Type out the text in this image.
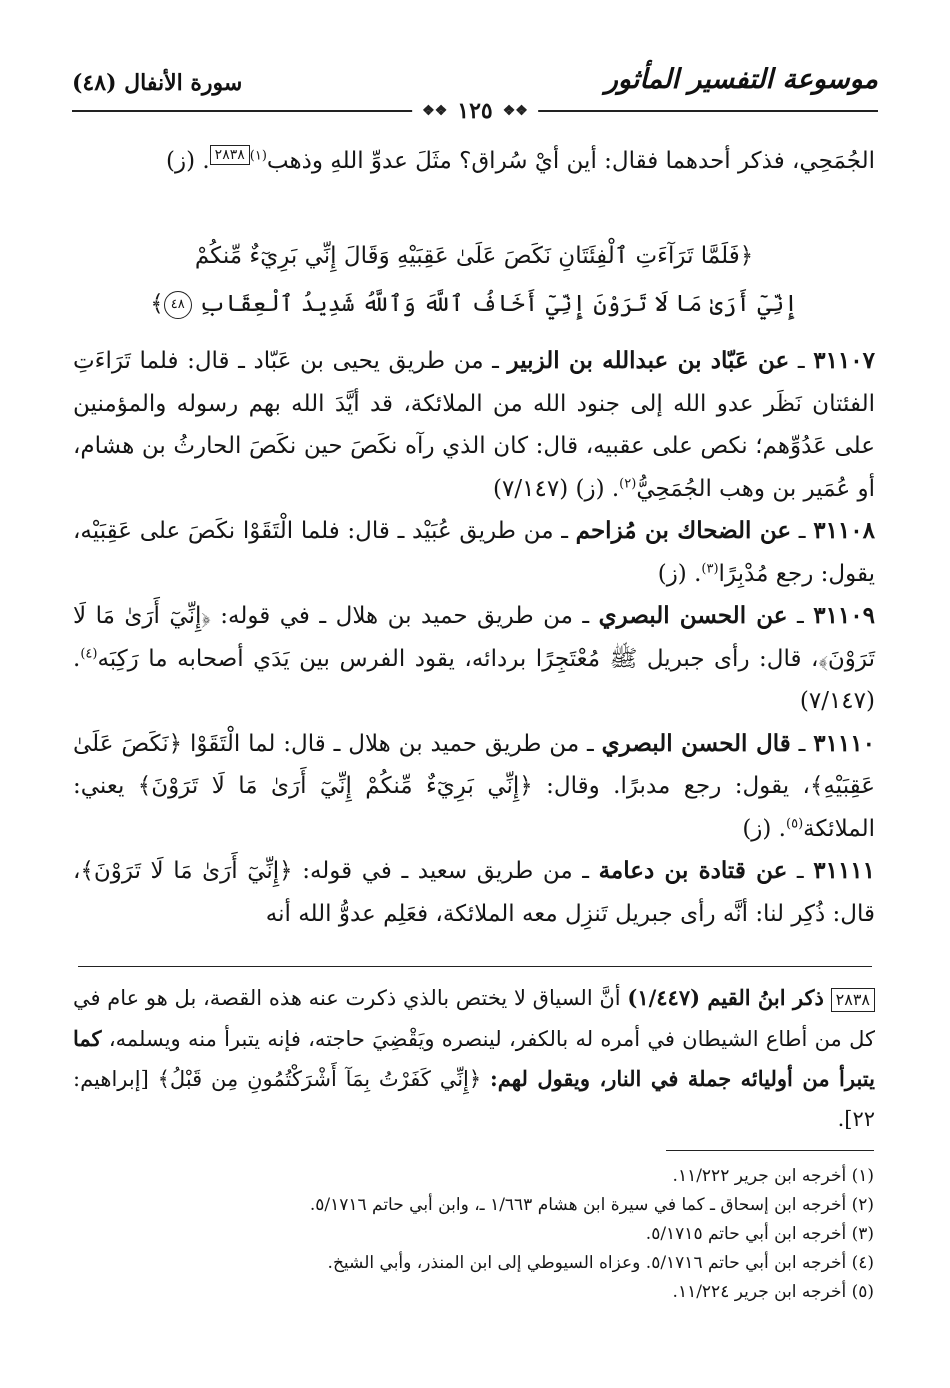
موسوعة التفسير المأثور
سورة الأنفال (٤٨)
❖❖
١٢٥
❖❖

الجُمَحِي، فذكر أحدهما فقال: أين أيْ سُراق؟ مثَلَ عدوِّ اللهِ وذهب$^{(١)}$٢٨٣٨. (ز)

﴿فَلَمَّا تَرَآءَتِ ٱلْفِئَتَانِ نَكَصَ عَلَىٰ عَقِبَيْهِ وَقَالَ إِنِّي بَرِيٓءٌ مِّنكُمْ
إِنِّيٓ أَرَىٰ مَا لَا تَرَوْنَ إِنِّيٓ أَخَافُ ٱللَّهَ وَٱللَّهُ شَدِيدُ ٱلْعِقَابِ ٤٨﴾

٣١١٠٧ ـ عن عَبّاد بن عبدالله بن الزبير ـ من طريق يحيى بن عَبّاد ـ قال: فلما تَرَاءَتِ الفئتان نَظَر عدو الله إلى جنود الله من الملائكة، قد أيَّدَ الله بهم رسوله والمؤمنين على عَدُوِّهم؛ نكص على عقبيه، قال: كان الذي رآه نكَصَ حين نكَصَ الحارثُ بن هشام، أو عُمَير بن وهب الجُمَحِيُّ$^{(٢)}$. (ز) (٧/١٤٧)

٣١١٠٨ ـ عن الضحاك بن مُزاحم ـ من طريق عُبَيْد ـ قال: فلما الْتَقَوْا نكَصَ على عَقِبَيْه، يقول: رجع مُدْبِرًا$^{(٣)}$. (ز)

٣١١٠٩ ـ عن الحسن البصري ـ من طريق حميد بن هلال ـ في قوله: ﴿إِنِّيٓ أَرَىٰ مَا لَا تَرَوْنَ﴾، قال: رأى جبريل ﷺ مُعْتَجِرًا بردائه، يقود الفرس بين يَدَي أصحابه ما رَكِبَه$^{(٤)}$. (٧/١٤٧)

٣١١١٠ ـ قال الحسن البصري ـ من طريق حميد بن هلال ـ قال: لما الْتَقَوْا ﴿نَكَصَ عَلَىٰ عَقِبَيْهِ﴾، يقول: رجع مدبرًا. وقال: ﴿إِنِّي بَرِيٓءٌ مِّنكُمْ إِنِّيٓ أَرَىٰ مَا لَا تَرَوْنَ﴾ يعني: الملائكة$^{(٥)}$. (ز)

٣١١١١ ـ عن قتادة بن دعامة ـ من طريق سعيد ـ في قوله: ﴿إِنِّيٓ أَرَىٰ مَا لَا تَرَوْنَ﴾، قال: ذُكِر لنا: أنَّه رأى جبريل تَنزِل معه الملائكة، فعَلِم عدوُّ الله أنه

٢٨٣٨ ذكر ابنُ القيم (١/٤٤٧) أنَّ السياق لا يختص بالذي ذكرت عنه هذه القصة، بل هو عام في كل من أطاع الشيطان في أمره له بالكفر، لينصره ويَقْضِيَ حاجته، فإنه يتبرأ منه ويسلمه، كما يتبرأ من أوليائه جملة في النار، ويقول لهم: ﴿إِنِّي كَفَرْتُ بِمَآ أَشْرَكْتُمُونِ مِن قَبْلُ﴾ [إبراهيم: ٢٢].

(١) أخرجه ابن جرير ١١/٢٢٢.

(٢) أخرجه ابن إسحاق ـ كما في سيرة ابن هشام ١/٦٦٣ ـ، وابن أبي حاتم ٥/١٧١٦.

(٣) أخرجه ابن أبي حاتم ٥/١٧١٥.

(٤) أخرجه ابن أبي حاتم ٥/١٧١٦. وعزاه السيوطي إلى ابن المنذر، وأبي الشيخ.

(٥) أخرجه ابن جرير ١١/٢٢٤.
